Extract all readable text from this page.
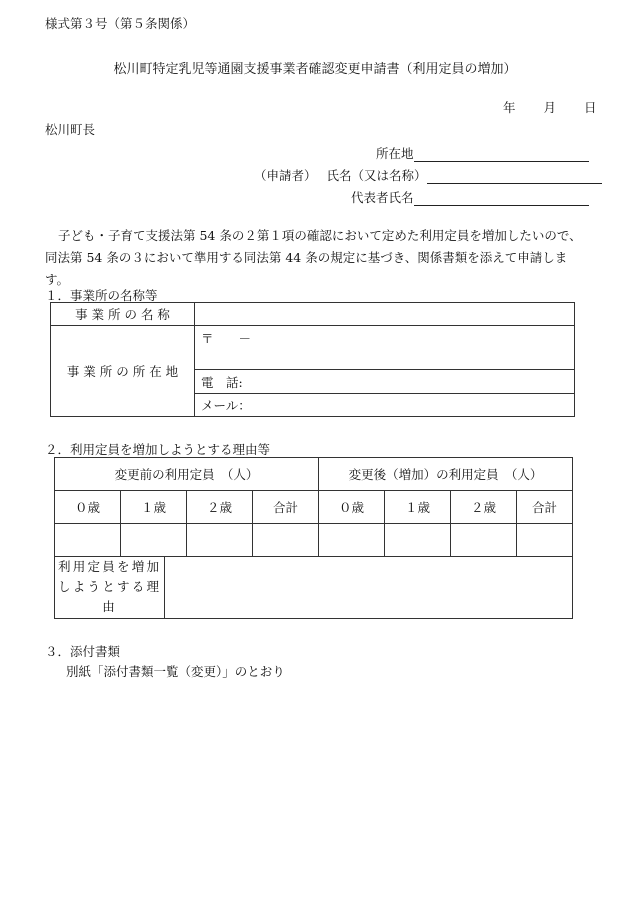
様式第３号（第５条関係）
松川町特定乳児等通園支援事業者確認変更申請書（利用定員の増加）
年 月 日
松川町長
所在地
（申請者） 氏名（又は名称）
代表者氏名
子ども・子育て支援法第 54 条の２第１項の確認において定めた利用定員を増加したいので、同法第 54 条の３において準用する同法第 44 条の規定に基づき、関係書類を添えて申請します。
１．事業所の名称等
事 業 所 の 名 称	
事 業 所 の 所 在 地	〒　　－
	電　話:
	メール：
２．利用定員を増加しようとする理由等
変更前の利用定員　（人）				変更後（増加）の利用定員　（人）			
０歳	１歳	２歳	合計	０歳	１歳	２歳	合計

利用定員を増加しようとする理由							
３．添付書類
別紙「添付書類一覧（変更）」のとおり
